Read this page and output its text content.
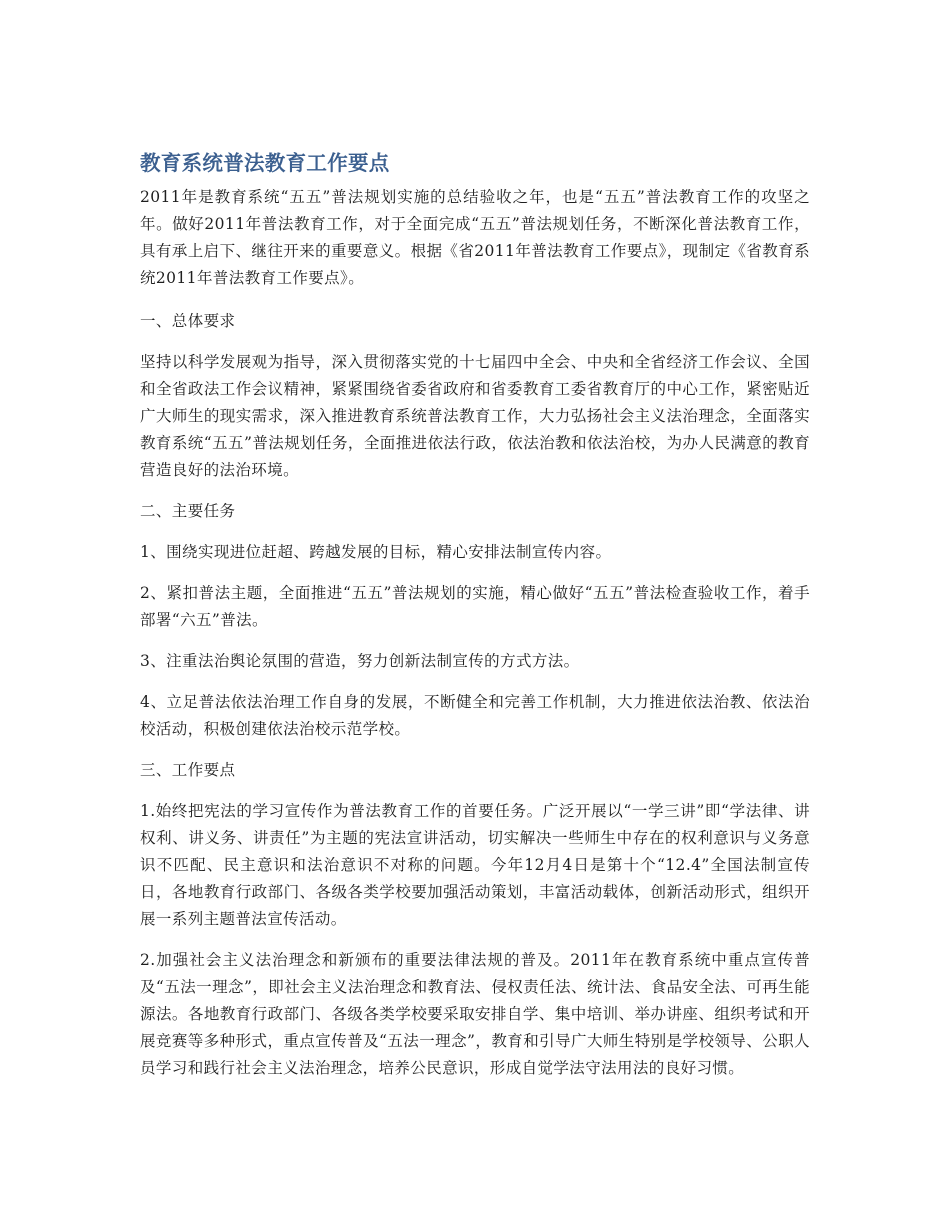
教育系统普法教育工作要点

2011年是教育系统“五五”普法规划实施的总结验收之年，也是“五五”普法教育工作的攻坚之年。做好2011年普法教育工作，对于全面完成“五五”普法规划任务，不断深化普法教育工作，具有承上启下、继往开来的重要意义。根据《省2011年普法教育工作要点》，现制定《省教育系统2011年普法教育工作要点》。

一、总体要求

坚持以科学发展观为指导，深入贯彻落实党的十七届四中全会、中央和全省经济工作会议、全国和全省政法工作会议精神，紧紧围绕省委省政府和省委教育工委省教育厅的中心工作，紧密贴近广大师生的现实需求，深入推进教育系统普法教育工作，大力弘扬社会主义法治理念，全面落实教育系统“五五”普法规划任务，全面推进依法行政，依法治教和依法治校，为办人民满意的教育营造良好的法治环境。

二、主要任务

1、围绕实现进位赶超、跨越发展的目标，精心安排法制宣传内容。

2、紧扣普法主题，全面推进“五五”普法规划的实施，精心做好“五五”普法检查验收工作，着手部署“六五”普法。

3、注重法治舆论氛围的营造，努力创新法制宣传的方式方法。

4、立足普法依法治理工作自身的发展，不断健全和完善工作机制，大力推进依法治教、依法治校活动，积极创建依法治校示范学校。

三、工作要点

1.始终把宪法的学习宣传作为普法教育工作的首要任务。广泛开展以“一学三讲”即“学法律、讲权利、讲义务、讲责任”为主题的宪法宣讲活动，切实解决一些师生中存在的权利意识与义务意识不匹配、民主意识和法治意识不对称的问题。今年12月4日是第十个“12.4”全国法制宣传日，各地教育行政部门、各级各类学校要加强活动策划，丰富活动载体，创新活动形式，组织开展一系列主题普法宣传活动。

2.加强社会主义法治理念和新颁布的重要法律法规的普及。2011年在教育系统中重点宣传普及“五法一理念”，即社会主义法治理念和教育法、侵权责任法、统计法、食品安全法、可再生能源法。各地教育行政部门、各级各类学校要采取安排自学、集中培训、举办讲座、组织考试和开展竞赛等多种形式，重点宣传普及“五法一理念”，教育和引导广大师生特别是学校领导、公职人员学习和践行社会主义法治理念，培养公民意识，形成自觉学法守法用法的良好习惯。
